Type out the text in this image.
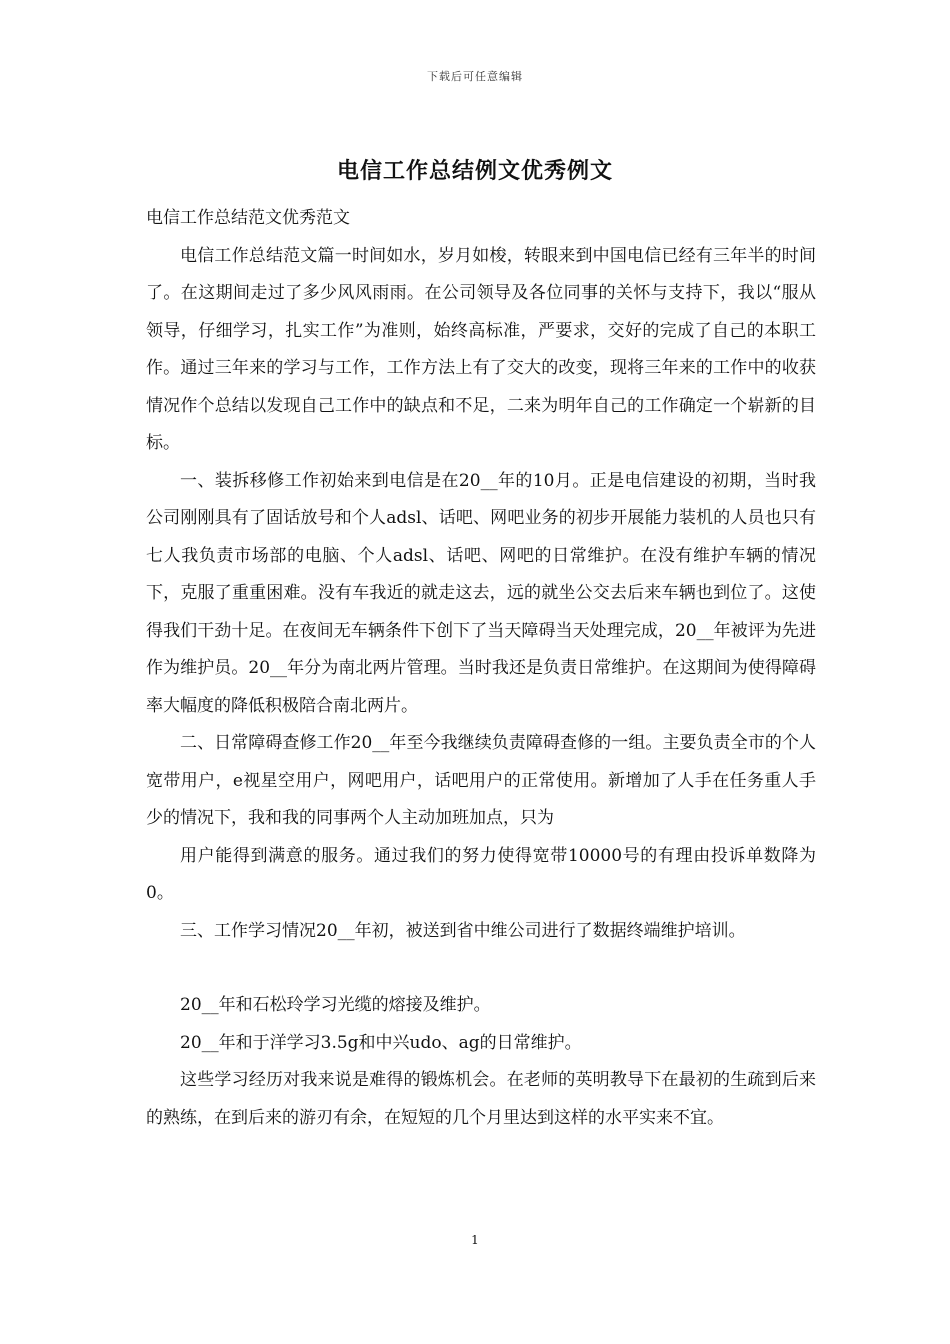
下载后可任意编辑
电信工作总结例文优秀例文

电信工作总结范文优秀范文

电信工作总结范文篇一时间如水，岁月如梭，转眼来到中国电信已经有三年半的时间了。在这期间走过了多少风风雨雨。在公司领导及各位同事的关怀与支持下，我以“服从领导，仔细学习，扎实工作”为准则，始终高标准，严要求，交好的完成了自己的本职工作。通过三年来的学习与工作，工作方法上有了交大的改变，现将三年来的工作中的收获情况作个总结以发现自己工作中的缺点和不足，二来为明年自己的工作确定一个崭新的目标。

一、装拆移修工作初始来到电信是在20__年的10月。正是电信建设的初期，当时我公司刚刚具有了固话放号和个人adsl、话吧、网吧业务的初步开展能力装机的人员也只有七人我负责市场部的电脑、个人adsl、话吧、网吧的日常维护。在没有维护车辆的情况下，克服了重重困难。没有车我近的就走这去，远的就坐公交去后来车辆也到位了。这使得我们干劲十足。在夜间无车辆条件下创下了当天障碍当天处理完成，20__年被评为先进作为维护员。20__年分为南北两片管理。当时我还是负责日常维护。在这期间为使得障碍率大幅度的降低积极陪合南北两片。

二、日常障碍查修工作20__年至今我继续负责障碍查修的一组。主要负责全市的个人宽带用户，e视星空用户，网吧用户，话吧用户的正常使用。新增加了人手在任务重人手少的情况下，我和我的同事两个人主动加班加点，只为

用户能得到满意的服务。通过我们的努力使得宽带10000号的有理由投诉单数降为0。

三、工作学习情况20__年初，被送到省中维公司进行了数据终端维护培训。

20__年和石松玲学习光缆的熔接及维护。

20__年和于洋学习3.5g和中兴udo、ag的日常维护。

这些学习经历对我来说是难得的锻炼机会。在老师的英明教导下在最初的生疏到后来的熟练，在到后来的游刃有余，在短短的几个月里达到这样的水平实来不宜。

1
